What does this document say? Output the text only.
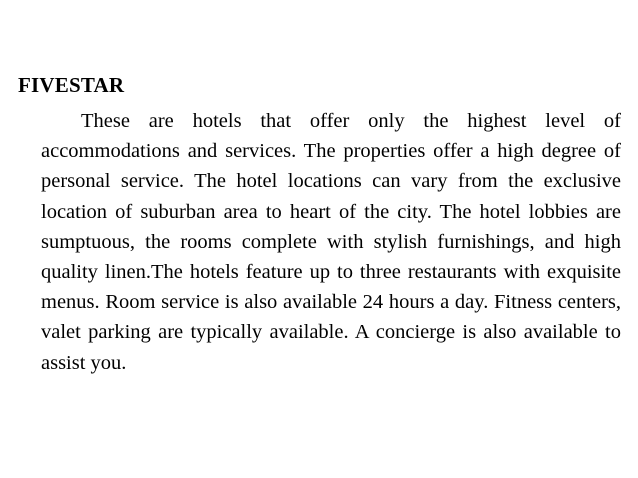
FIVESTAR

These are hotels that offer only the highest level of accommodations and services. The properties offer a high degree of personal service. The hotel locations can vary from the exclusive location of suburban area to heart of the city. The hotel lobbies are sumptuous, the rooms complete with stylish furnishings, and high quality linen.The hotels feature up to three restaurants with exquisite menus. Room service is also available 24 hours a day. Fitness centers, valet parking are typically available. A concierge is also available to assist you.
